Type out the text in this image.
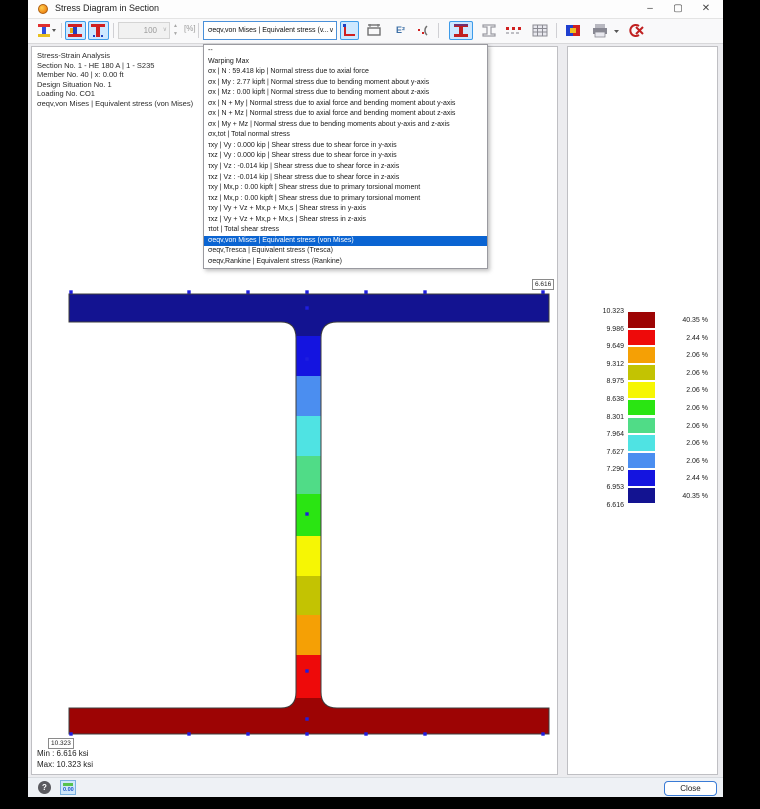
Stress Diagram in Section	–	▢	✕
100 ∨
▲
▼
[%]	σeqv,von Mises | Equivalent stress (v... ∨	E²
Stress-Strain Analysis
Section No. 1 - HE 180 A | 1 - S235
Member No. 40 | x: 0.00 ft
Design Situation No. 1
Loading No. CO1
σeqv,von Mises | Equivalent stress (von Mises)
6.616
10.323
Min : 6.616 ksi
Max: 10.323 ksi
10.323
9.986
9.649
9.312
8.975
8.638
8.301
7.964
7.627
7.290
6.953
6.616
40.35 %
2.44 %
2.06 %
2.06 %
2.06 %
2.06 %
2.06 %
2.06 %
2.06 %
2.44 %
40.35 %
--
Warping Max
σx | N : 59.418 kip | Normal stress due to axial force
σx | My : 2.77 kipft | Normal stress due to bending moment about y-axis
σx | Mz : 0.00 kipft | Normal stress due to bending moment about z-axis
σx | N + My | Normal stress due to axial force and bending moment about y-axis
σx | N + Mz | Normal stress due to axial force and bending moment about z-axis
σx | My + Mz | Normal stress due to bending moments about y-axis and z-axis
σx,tot | Total normal stress
τxy | Vy : 0.000 kip | Shear stress due to shear force in y-axis
τxz | Vy : 0.000 kip | Shear stress due to shear force in y-axis
τxy | Vz : -0.014 kip | Shear stress due to shear force in z-axis
τxz | Vz : -0.014 kip | Shear stress due to shear force in z-axis
τxy | Mx,p : 0.00 kipft | Shear stress due to primary torsional moment
τxz | Mx,p : 0.00 kipft | Shear stress due to primary torsional moment
τxy | Vy + Vz + Mx,p + Mx,s | Shear stress in y-axis
τxz | Vy + Vz + Mx,p + Mx,s | Shear stress in z-axis
τtot | Total shear stress
σeqv,von Mises | Equivalent stress (von Mises)
σeqv,Tresca | Equivalent stress (Tresca)
σeqv,Rankine | Equivalent stress (Rankine)
?	0.00	Close
